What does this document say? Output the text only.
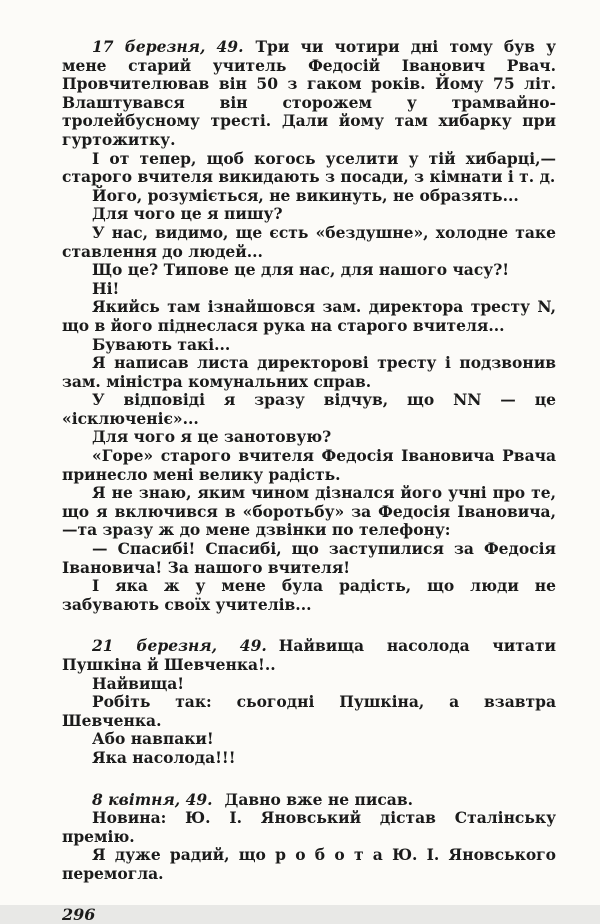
17 березня, 49. Три чи чотири дні тому був у мене старий учитель Федосій Іванович Рвач. Провчителював він 50 з гаком років. Йому 75 літ. Влаштувався він сторожем у трамвайно-тролейбусному тресті. Дали йому там хибарку при гуртожитку.

І от тепер, щоб когось уселити у тій хибарці,— старого вчителя викидають з посади, з кімнати і т. д.

Його, розуміється, не викинуть, не образять...

Для чого це я пишу?

У нас, видимо, ще єсть «бездушне», холодне таке ставлення до людей...

Що це? Типове це для нас, для нашого часу?!

Ні!

Якийсь там ізнайшовся зам. директора тресту N, що в його піднеслася рука на старого вчителя...

Бувають такі...

Я написав листа директорові тресту і подзвонив зам. міністра комунальних справ.

У відповіді я зразу відчув, що NN — це «ісключеніє»...

Для чого я це занотовую?

«Горе» старого вчителя Федосія Івановича Рвача принесло мені велику радість.

Я не знаю, яким чином дізнался його учні про те, що я включився в «боротьбу» за Федосія Івановича,—та зразу ж до мене дзвінки по телефону:

— Спасибі! Спасибі, що заступилися за Федосія Івановича! За нашого вчителя!

І яка ж у мене була радість, що люди не забувають своїх учителів...

21 березня, 49. Найвища насолода читати Пушкіна й Шевченка!..

Найвища!

Робіть так: сьогодні Пушкіна, а взавтра Шевченка.

Або навпаки!

Яка насолода!!!

8 квітня, 49. Давно вже не писав.

Новина: Ю. І. Яновський дістав Сталінську премію.

Я дуже радий, що р о б о т а Ю. І. Яновського перемогла.

296
